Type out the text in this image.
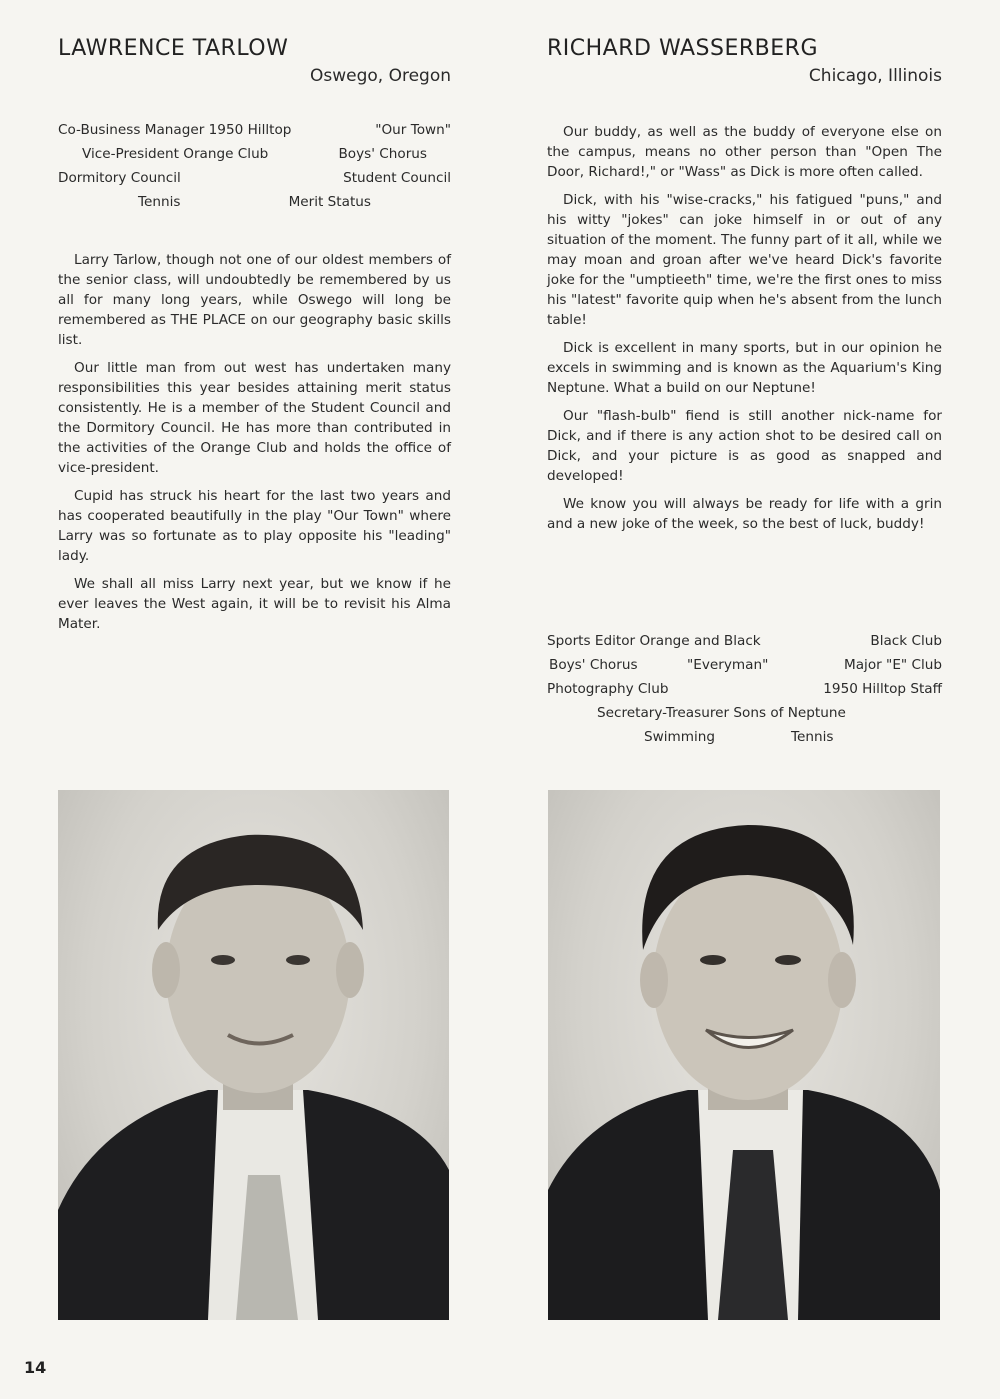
LAWRENCE TARLOW
Oswego, Oregon
Co-Business Manager 1950 Hilltop	"Our Town"
Vice-President Orange Club	Boys' Chorus
Dormitory Council	Student Council
Tennis	Merit Status

Larry Tarlow, though not one of our oldest members of the senior class, will undoubtedly be remembered by us all for many long years, while Oswego will long be remembered as THE PLACE on our geography basic skills list.

Our little man from out west has undertaken many responsibilities this year besides attaining merit status consistently. He is a member of the Student Council and the Dormitory Council. He has more than contributed in the activities of the Orange Club and holds the office of vice-president.

Cupid has struck his heart for the last two years and has cooperated beautifully in the play "Our Town" where Larry was so fortunate as to play opposite his "leading" lady.

We shall all miss Larry next year, but we know if he ever leaves the West again, it will be to revisit his Alma Mater.

RICHARD WASSERBERG
Chicago, Illinois

Our buddy, as well as the buddy of everyone else on the campus, means no other person than "Open The Door, Richard!," or "Wass" as Dick is more often called.

Dick, with his "wise-cracks," his fatigued "puns," and his witty "jokes" can joke himself in or out of any situation of the moment. The funny part of it all, while we may moan and groan after we've heard Dick's favorite joke for the "umptieeth" time, we're the first ones to miss his "latest" favorite quip when he's absent from the lunch table!

Dick is excellent in many sports, but in our opinion he excels in swimming and is known as the Aquarium's King Neptune. What a build on our Neptune!

Our "flash-bulb" fiend is still another nick-name for Dick, and if there is any action shot to be desired call on Dick, and your picture is as good as snapped and developed!

We know you will always be ready for life with a grin and a new joke of the week, so the best of luck, buddy!

Sports Editor Orange and Black	Black Club
Boys' Chorus	"Everyman"	Major "E" Club
Photography Club	1950 Hilltop Staff
Secretary-Treasurer Sons of Neptune
Swimming	Tennis
14
